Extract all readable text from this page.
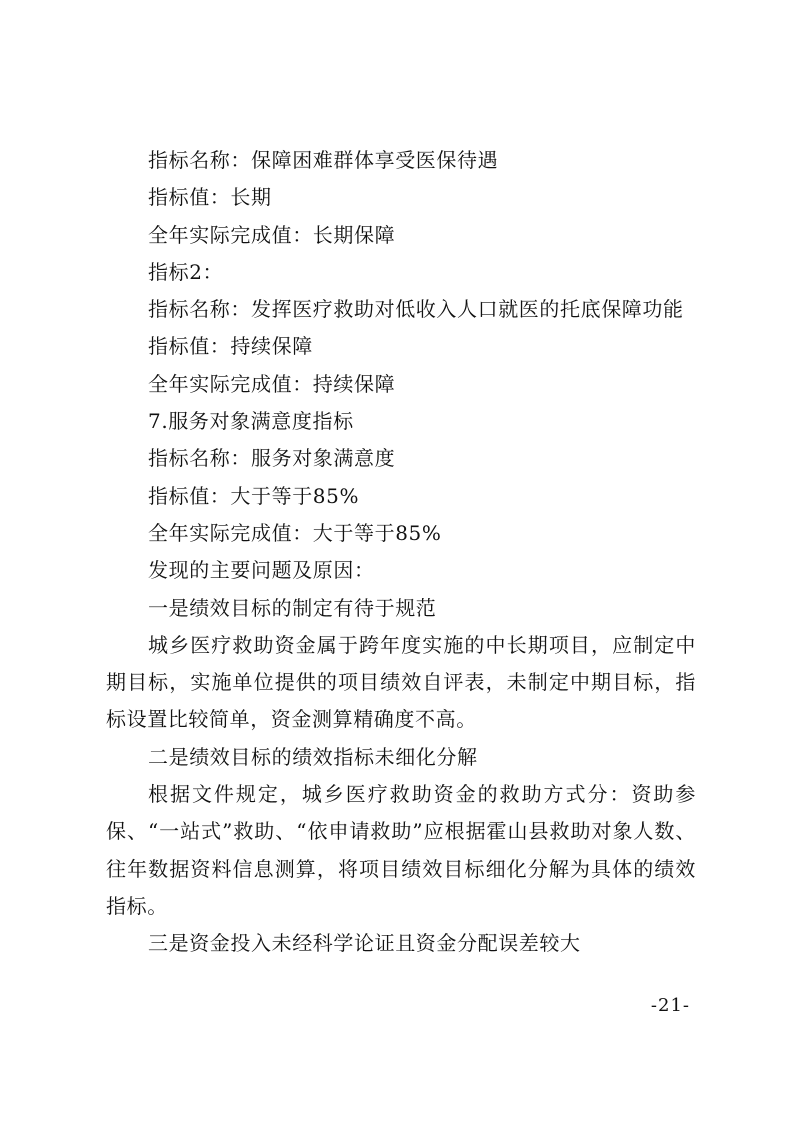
指标名称：保障困难群体享受医保待遇
指标值：长期
全年实际完成值：长期保障
指标2：
指标名称：发挥医疗救助对低收入人口就医的托底保障功能
指标值：持续保障
全年实际完成值：持续保障
7.服务对象满意度指标
指标名称：服务对象满意度
指标值：大于等于85%
全年实际完成值：大于等于85%
发现的主要问题及原因：
一是绩效目标的制定有待于规范

城乡医疗救助资金属于跨年度实施的中长期项目，应制定中期目标，实施单位提供的项目绩效自评表，未制定中期目标，指标设置比较简单，资金测算精确度不高。

二是绩效目标的绩效指标未细化分解

根据文件规定，城乡医疗救助资金的救助方式分：资助参保、“一站式”救助、“依申请救助”应根据霍山县救助对象人数、往年数据资料信息测算，将项目绩效目标细化分解为具体的绩效指标。

三是资金投入未经科学论证且资金分配误差较大
-21-
